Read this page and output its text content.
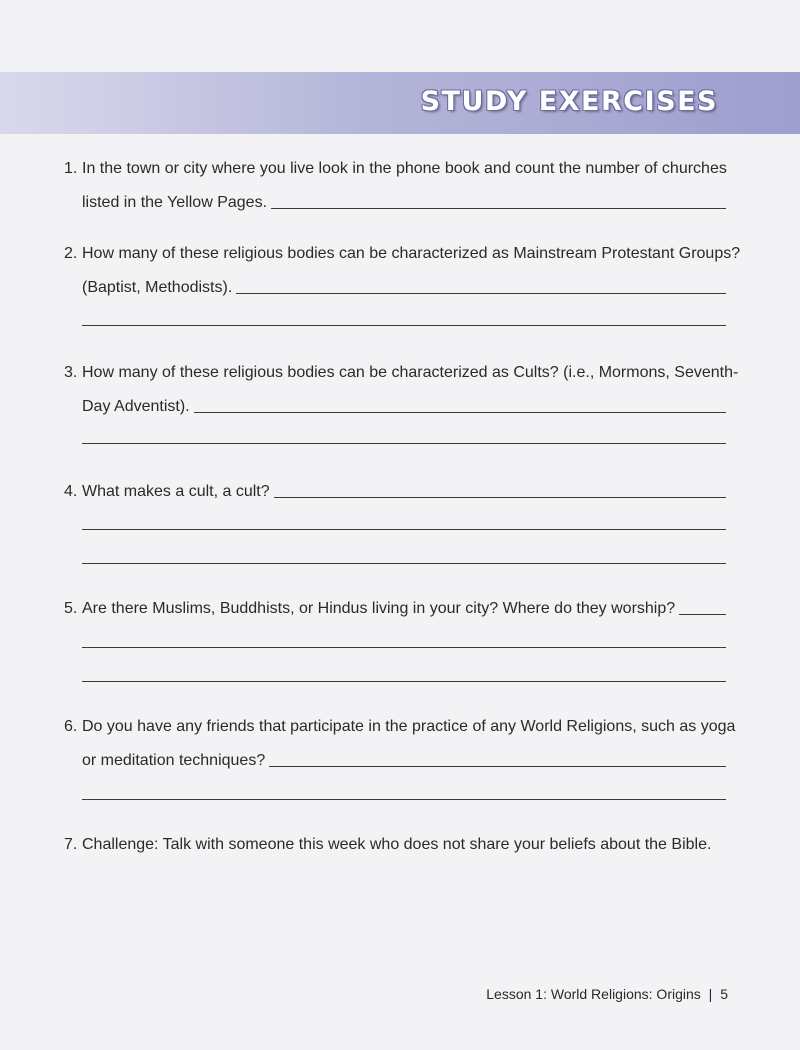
STUDY EXERCISES
1. In the town or city where you live look in the phone book and count the number of churches
listed in the Yellow Pages.
2. How many of these religious bodies can be characterized as Mainstream Protestant Groups?
(Baptist, Methodists).
3. How many of these religious bodies can be characterized as Cults? (i.e., Mormons, Seventh-
Day Adventist).
4. What makes a cult, a cult?
5. Are there Muslims, Buddhists, or Hindus living in your city? Where do they worship?
6. Do you have any friends that participate in the practice of any World Religions, such as yoga
or meditation techniques?
7. Challenge: Talk with someone this week who does not share your beliefs about the Bible.
Lesson 1: World Religions: Origins | 5
